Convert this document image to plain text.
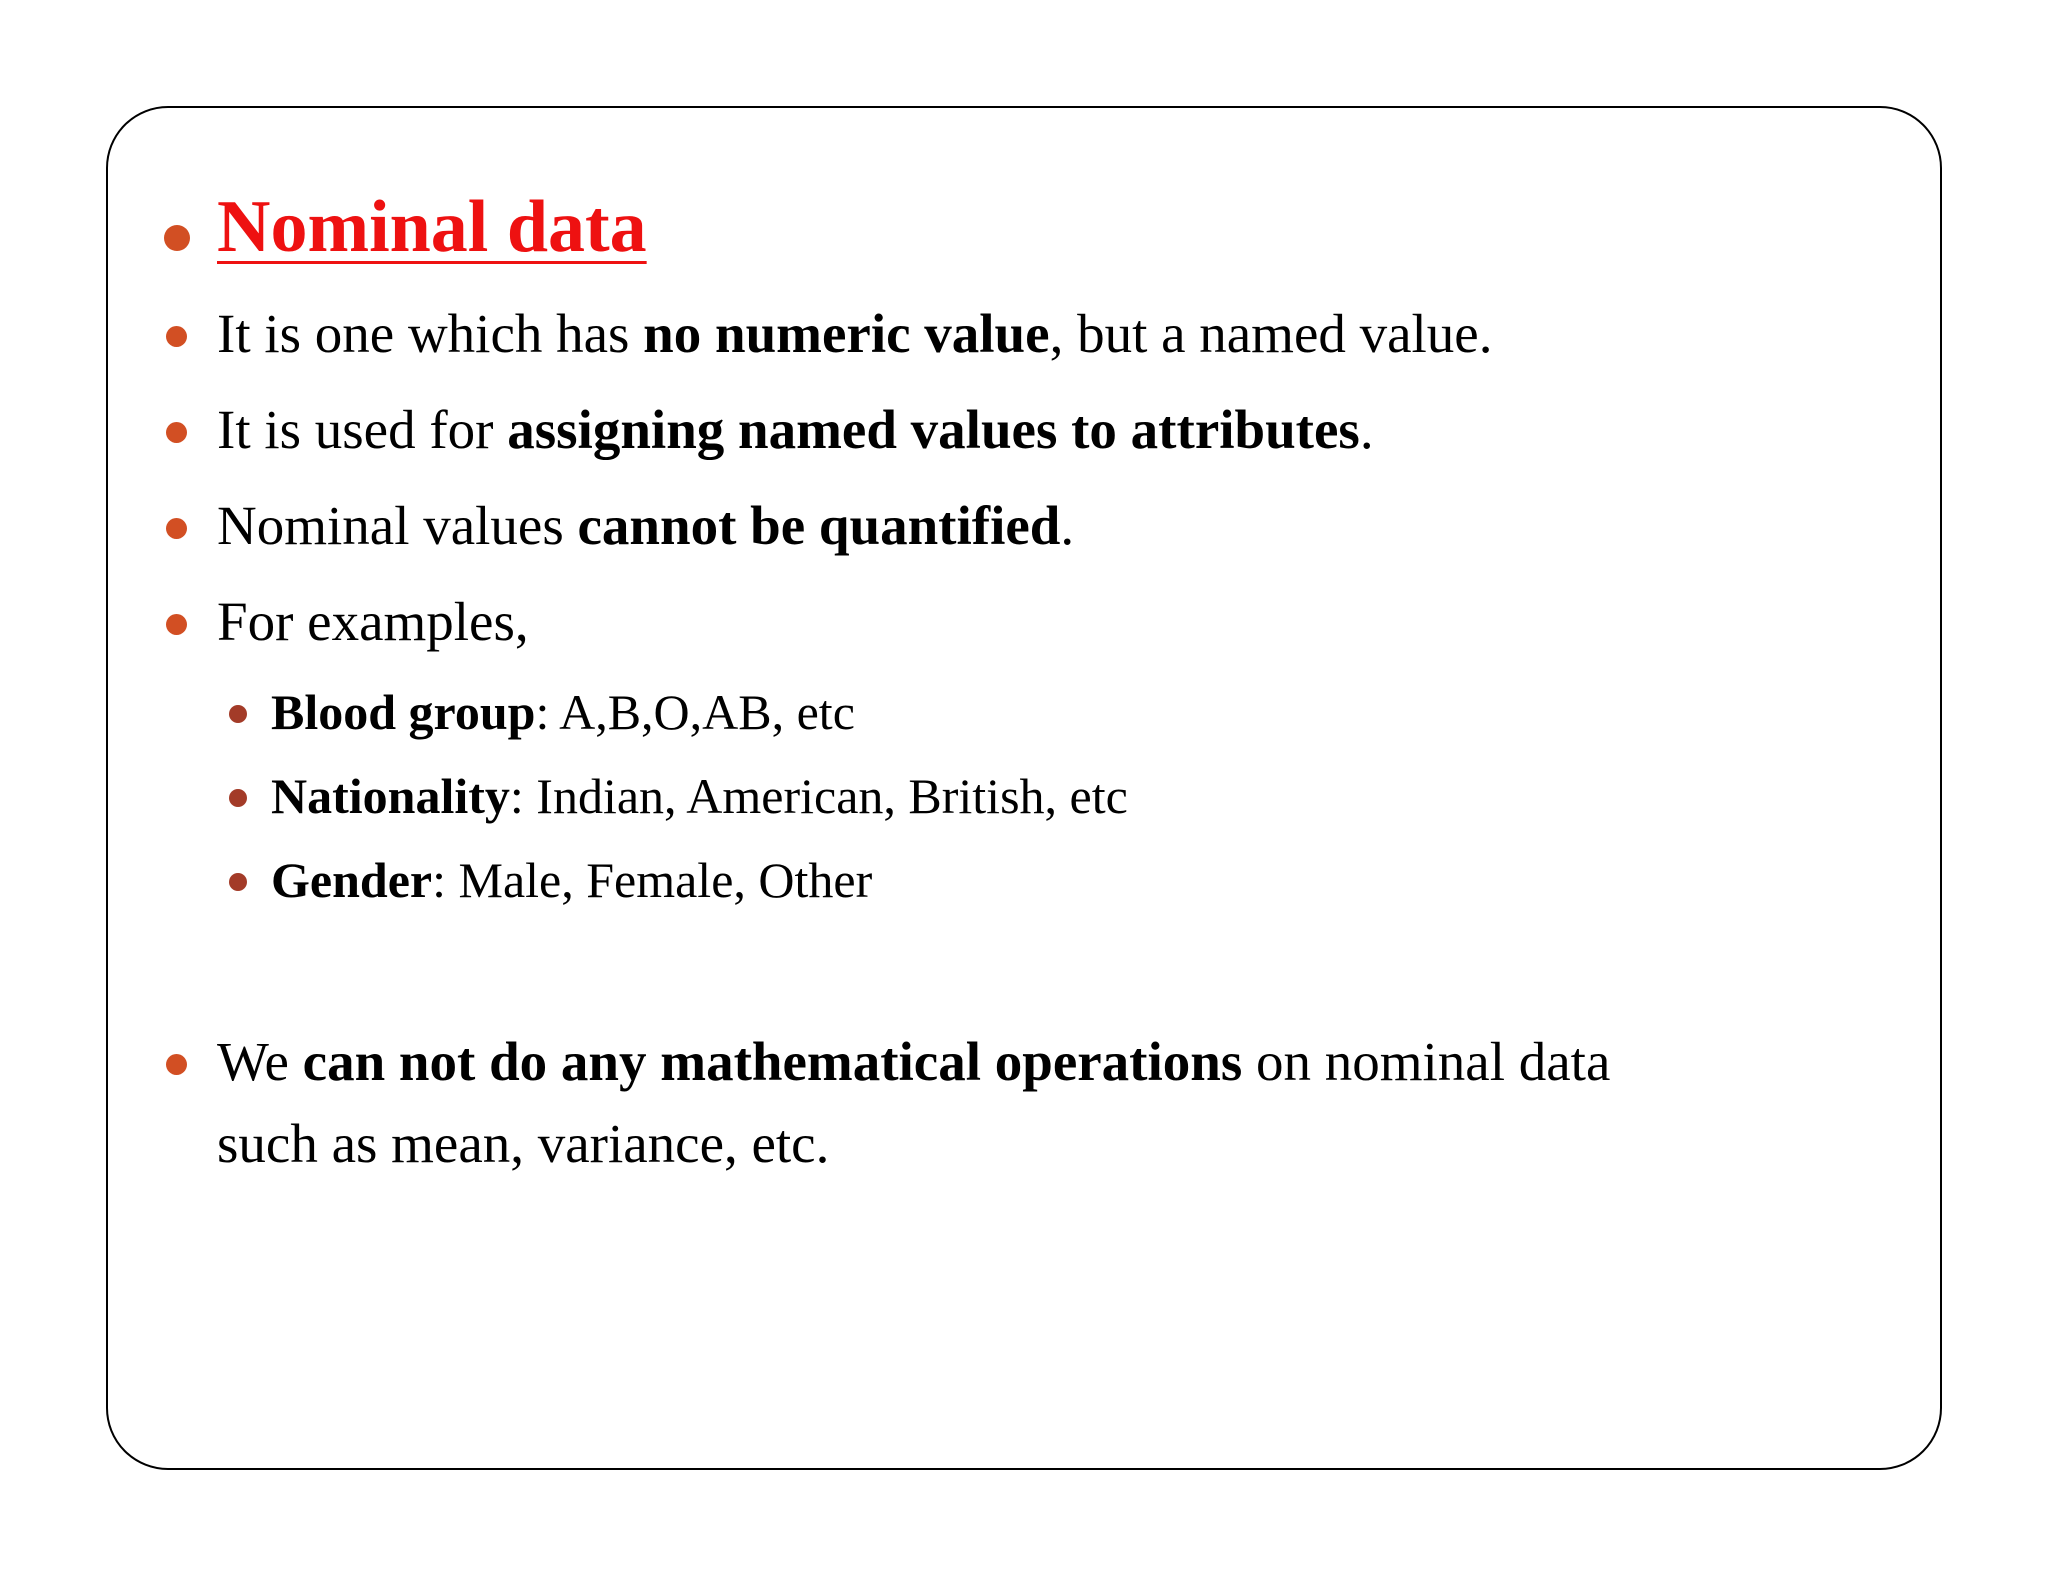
Nominal data
It is one which has no numeric value, but a named value.
It is used for assigning named values to attributes.
Nominal values cannot be quantified.
For examples,
Blood group: A,B,O,AB, etc
Nationality: Indian, American, British, etc
Gender: Male, Female, Other
We can not do any mathematical operations on nominal data
such as mean, variance, etc.
